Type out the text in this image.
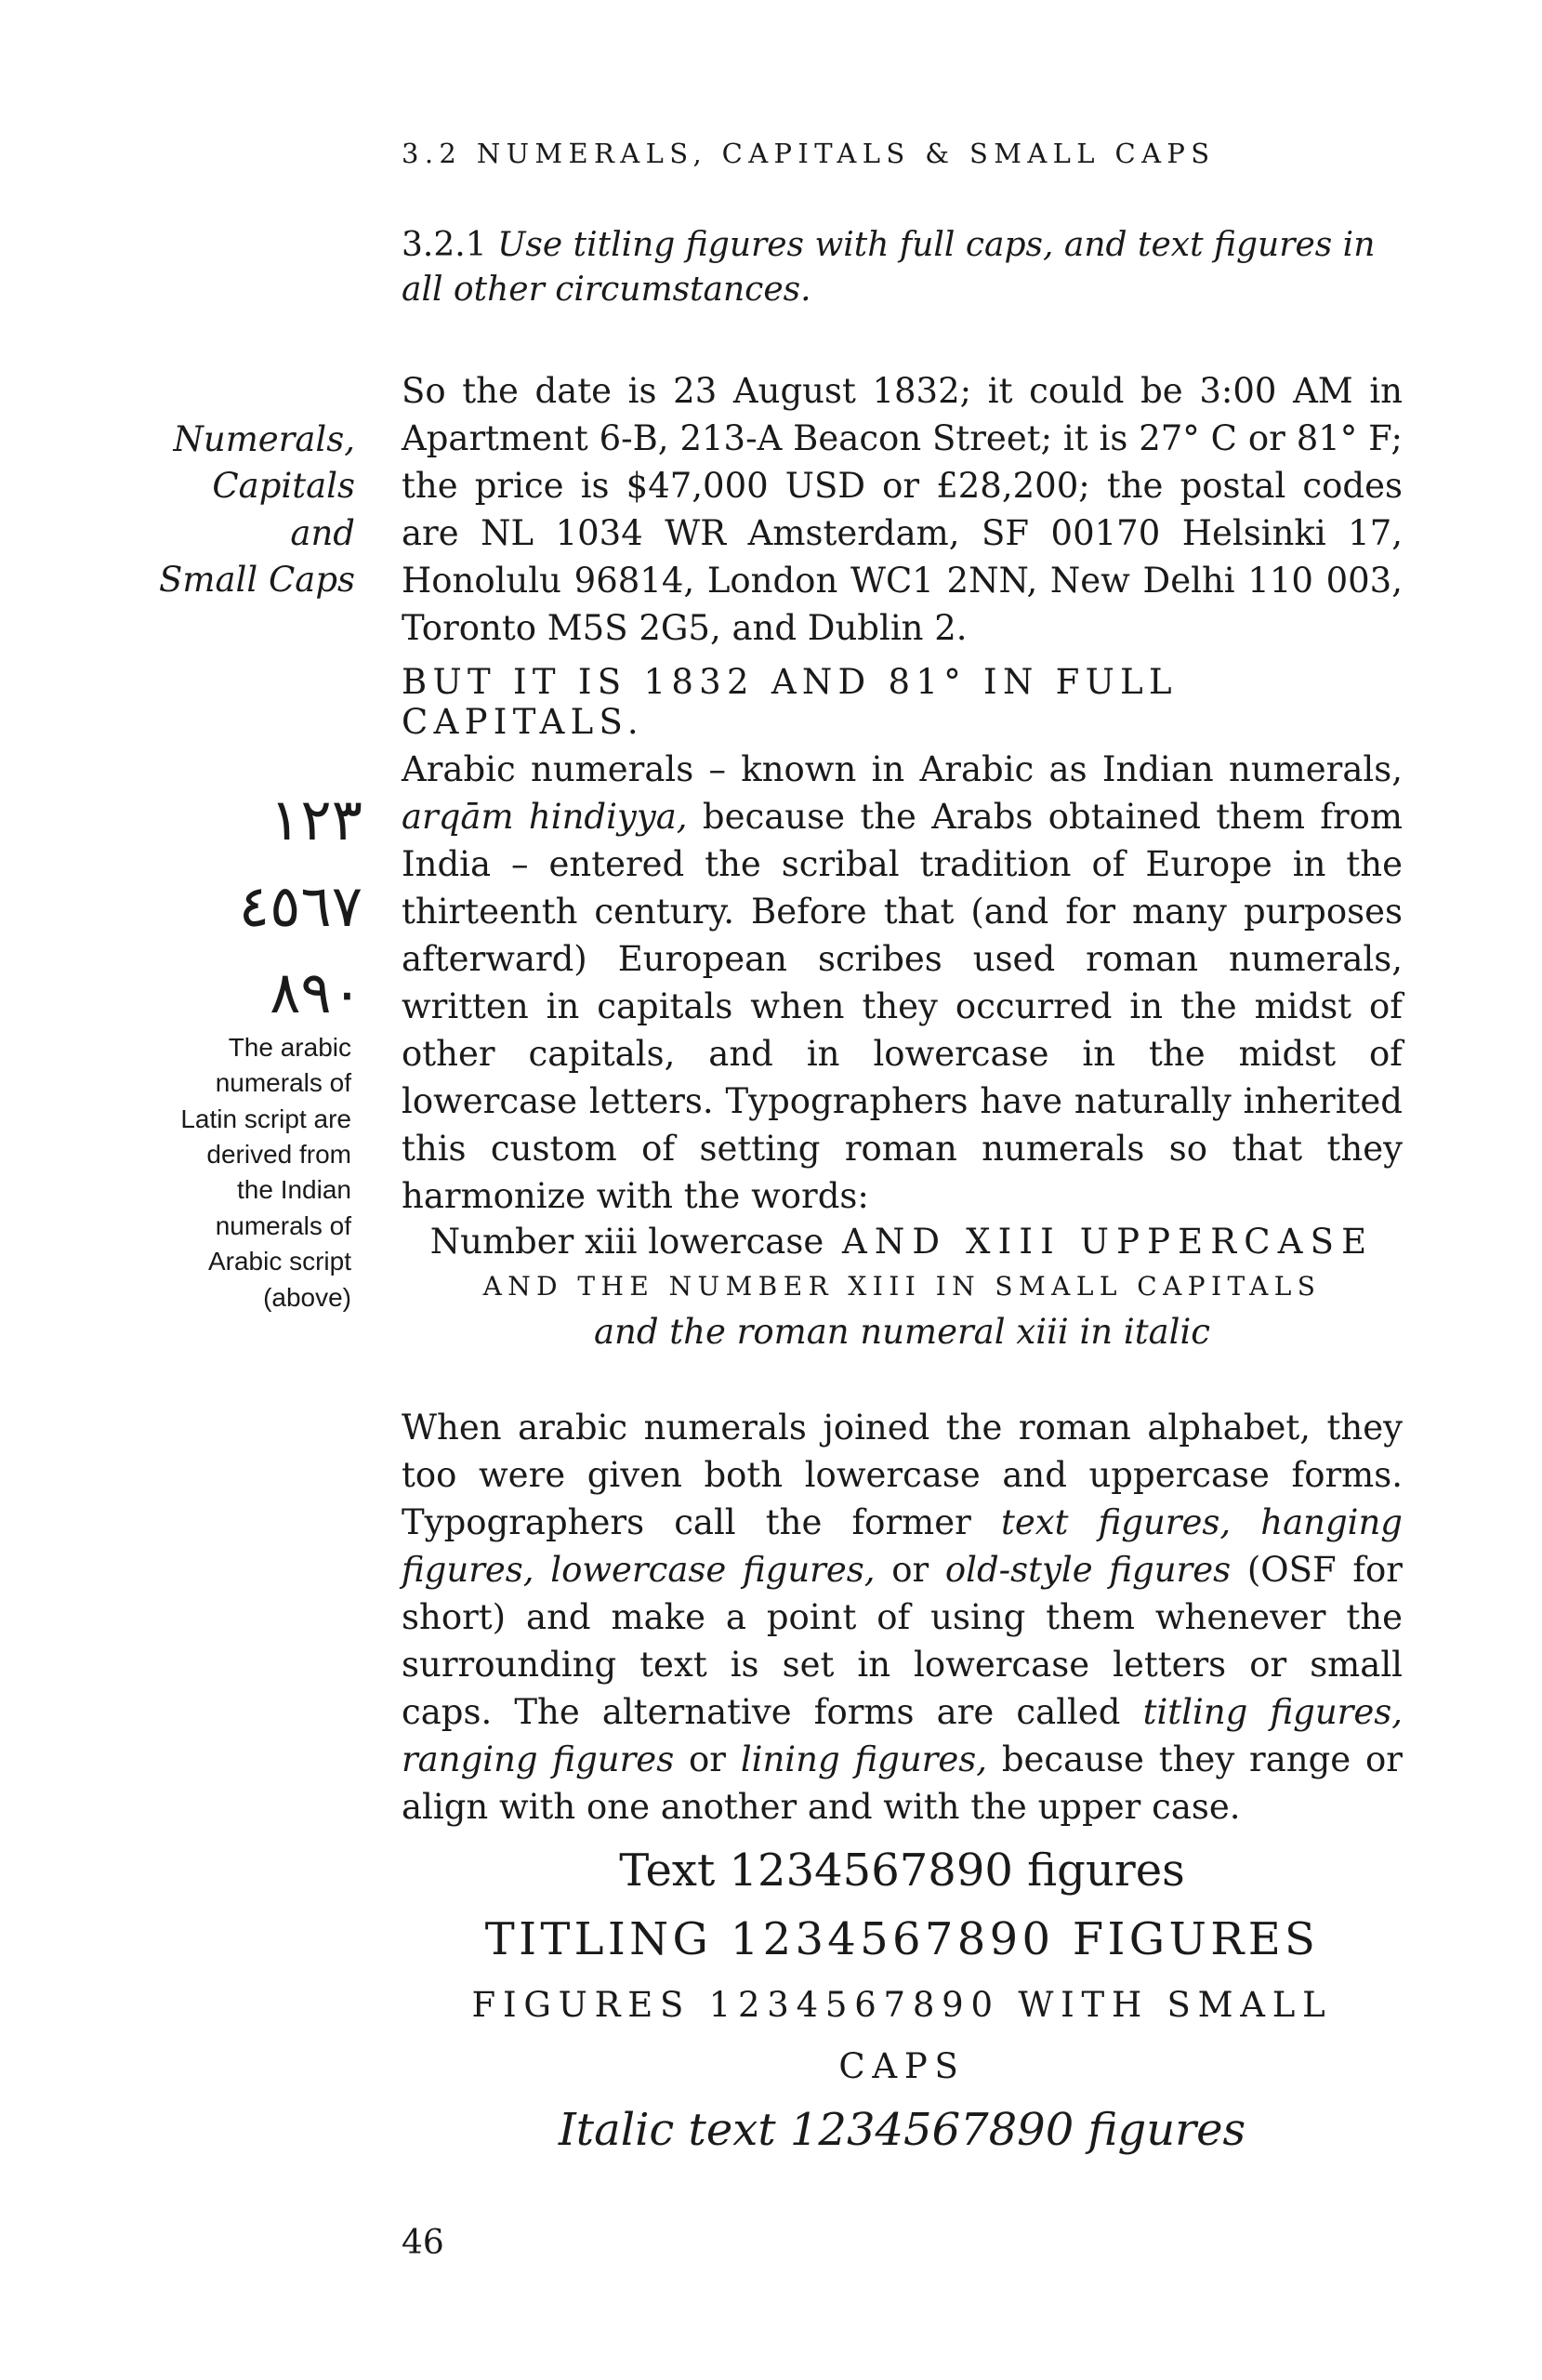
3.2 NUMERALS, CAPITALS & SMALL CAPS
3.2.1 Use titling figures with full caps, and text figures in all other circumstances.
Numerals,
Capitals
and
Small Caps
So the date is 23 August 1832; it could be 3:00 AM in Apartment 6-B, 213-A Beacon Street; it is 27° C or 81° F; the price is $47,000 USD or £28,200; the postal codes are NL 1034 WR Amsterdam, SF 00170 Helsinki 17, Honolulu 96814, London WC1 2NN, New Delhi 110 003, Toronto M5S 2G5, and Dublin 2.
BUT IT IS 1832 AND 81° IN FULL CAPITALS.
١٢٣
٤٥٦٧
٨٩٠
The arabic
numerals of
Latin script are
derived from
the Indian
numerals of
Arabic script
(above)
Arabic numerals – known in Arabic as Indian numerals, arqām hindiyya, because the Arabs obtained them from India – entered the scribal tradition of Europe in the thirteenth century. Before that (and for many purposes afterward) European scribes used roman numerals, written in capitals when they occurred in the midst of other capitals, and in lowercase in the midst of lowercase letters. Typographers have naturally inherited this custom of setting roman numerals so that they harmonize with the words:
Number xiii lowercase AND XIII UPPERCASE
AND THE NUMBER XIII IN SMALL CAPITALS
and the roman numeral xiii in italic
When arabic numerals joined the roman alphabet, they too were given both lowercase and uppercase forms. Typographers call the former text figures, hanging figures, lowercase figures, or old-style figures (OSF for short) and make a point of using them whenever the surrounding text is set in lowercase letters or small caps. The alternative forms are called titling figures, ranging figures or lining figures, because they range or align with one another and with the upper case.
Text 1234567890 figures
TITLING 1234567890 FIGURES
FIGURES 1234567890 WITH SMALL CAPS
Italic text 1234567890 figures
46
